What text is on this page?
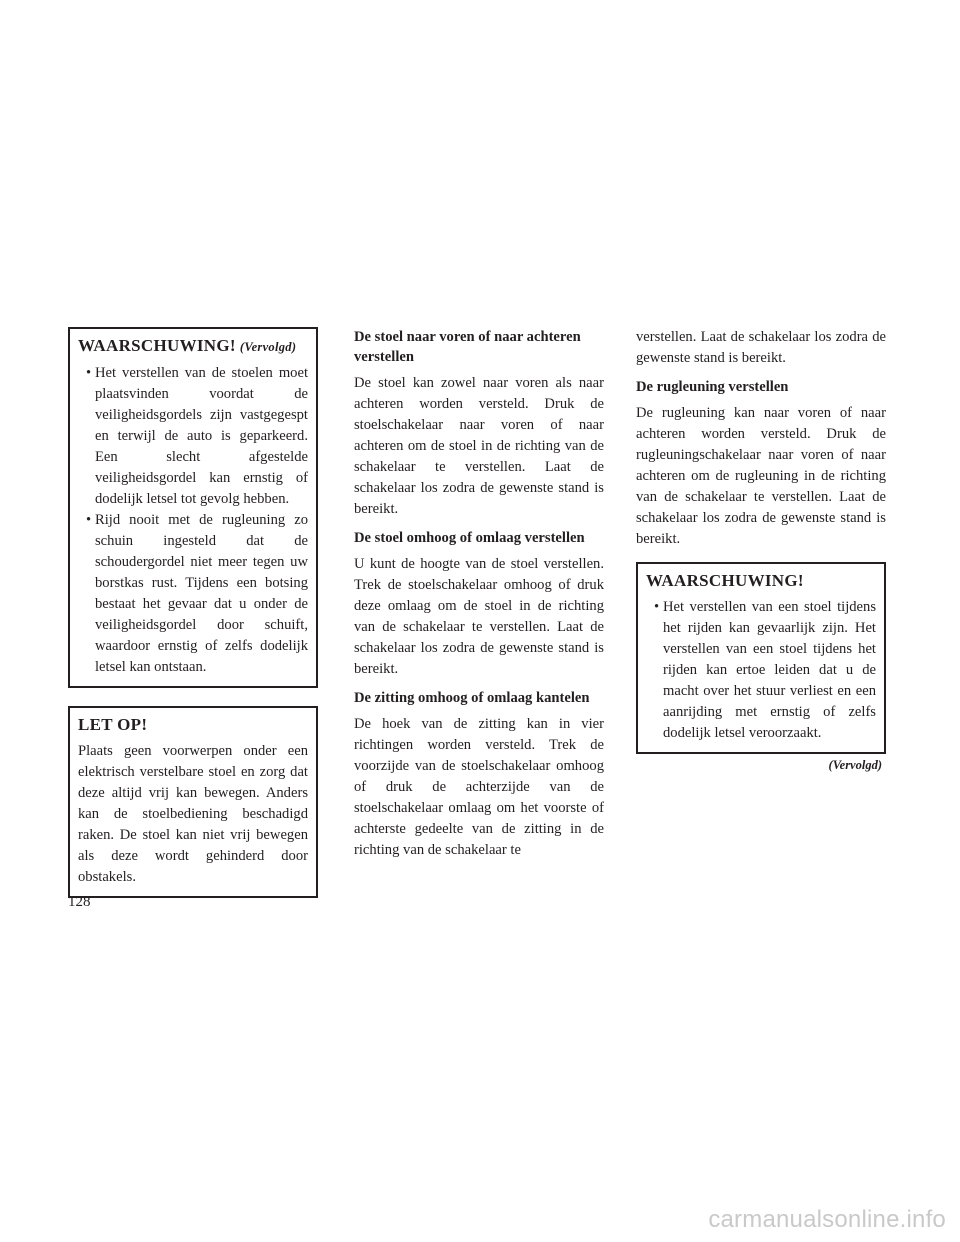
WAARSCHUWING! (Vervolgd)
• Het verstellen van de stoelen moet plaatsvinden voordat de veiligheidsgordels zijn vastgegespt en terwijl de auto is geparkeerd. Een slecht afgestelde veiligheidsgordel kan ernstig of dodelijk letsel tot gevolg hebben.
• Rijd nooit met de rugleuning zo schuin ingesteld dat de schoudergordel niet meer tegen uw borstkas rust. Tijdens een botsing bestaat het gevaar dat u onder de veiligheidsgordel door schuift, waardoor ernstig of zelfs dodelijk letsel kan ontstaan.
LET OP!

Plaats geen voorwerpen onder een elektrisch verstelbare stoel en zorg dat deze altijd vrij kan bewegen. Anders kan de stoelbediening beschadigd raken. De stoel kan niet vrij bewegen als deze wordt gehinderd door obstakels.

De stoel naar voren of naar achteren verstellen

De stoel kan zowel naar voren als naar achteren worden versteld. Druk de stoelschakelaar naar voren of naar achteren om de stoel in de richting van de schakelaar te verstellen. Laat de schakelaar los zodra de gewenste stand is bereikt.

De stoel omhoog of omlaag verstellen

U kunt de hoogte van de stoel verstellen. Trek de stoelschakelaar omhoog of druk deze omlaag om de stoel in de richting van de schakelaar te verstellen. Laat de schakelaar los zodra de gewenste stand is bereikt.

De zitting omhoog of omlaag kantelen

De hoek van de zitting kan in vier richtingen worden versteld. Trek de voorzijde van de stoelschakelaar omhoog of druk de achterzijde van de stoelschakelaar omlaag om het voorste of achterste gedeelte van de zitting in de richting van de schakelaar te

verstellen. Laat de schakelaar los zodra de gewenste stand is bereikt.

De rugleuning verstellen

De rugleuning kan naar voren of naar achteren worden versteld. Druk de rugleuningschakelaar naar voren of naar achteren om de rugleuning in de richting van de schakelaar te verstellen. Laat de schakelaar los zodra de gewenste stand is bereikt.

WAARSCHUWING!
• Het verstellen van een stoel tijdens het rijden kan gevaarlijk zijn. Het verstellen van een stoel tijdens het rijden kan ertoe leiden dat u de macht over het stuur verliest en een aanrijding met ernstig of zelfs dodelijk letsel veroorzaakt.
(Vervolgd)
128
carmanualsonline.info
